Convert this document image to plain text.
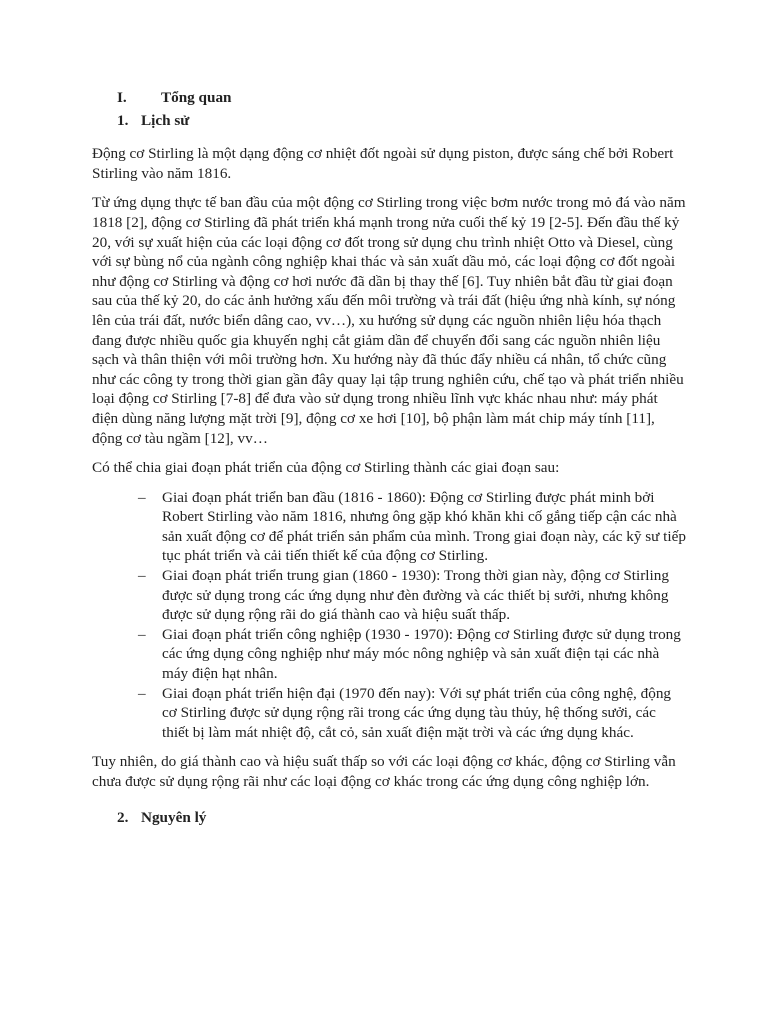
I.	Tổng quan
1. Lịch sử

Động cơ Stirling là một dạng động cơ nhiệt đốt ngoài sử dụng piston, được sáng chế bởi Robert Stirling vào năm 1816.

Từ ứng dụng thực tế ban đầu của một động cơ Stirling trong việc bơm nước trong mỏ đá vào năm 1818 [2], động cơ Stirling đã phát triển khá mạnh trong nửa cuối thế kỷ 19 [2-5]. Đến đầu thế kỷ 20, với sự xuất hiện của các loại động cơ đốt trong sử dụng chu trình nhiệt Otto và Diesel, cùng với sự bùng nổ của ngành công nghiệp khai thác và sản xuất dầu mỏ, các loại động cơ đốt ngoài như động cơ Stirling và động cơ hơi nước đã dần bị thay thế [6]. Tuy nhiên bắt đầu từ giai đoạn sau của thế kỷ 20, do các ảnh hưởng xấu đến môi trường và trái đất (hiệu ứng nhà kính, sự nóng lên của trái đất, nước biển dâng cao, vv…), xu hướng sử dụng các nguồn nhiên liệu hóa thạch đang được nhiều quốc gia khuyến nghị cắt giảm dần để chuyển đổi sang các nguồn nhiên liệu sạch và thân thiện với môi trường hơn. Xu hướng này đã thúc đẩy nhiều cá nhân, tổ chức cũng như các công ty trong thời gian gần đây quay lại tập trung nghiên cứu, chế tạo và phát triển nhiều loại động cơ Stirling [7-8] để đưa vào sử dụng trong nhiều lĩnh vực khác nhau như: máy phát điện dùng năng lượng mặt trời [9], động cơ xe hơi [10], bộ phận làm mát chip máy tính [11], động cơ tàu ngầm [12], vv…

Có thể chia giai đoạn phát triển của động cơ Stirling thành các giai đoạn sau:

– Giai đoạn phát triển ban đầu (1816 - 1860): Động cơ Stirling được phát minh bởi Robert Stirling vào năm 1816, nhưng ông gặp khó khăn khi cố gắng tiếp cận các nhà sản xuất động cơ để phát triển sản phẩm của mình. Trong giai đoạn này, các kỹ sư tiếp tục phát triển và cải tiến thiết kế của động cơ Stirling.
– Giai đoạn phát triển trung gian (1860 - 1930): Trong thời gian này, động cơ Stirling được sử dụng trong các ứng dụng như đèn đường và các thiết bị sưởi, nhưng không được sử dụng rộng rãi do giá thành cao và hiệu suất thấp.
– Giai đoạn phát triển công nghiệp (1930 - 1970): Động cơ Stirling được sử dụng trong các ứng dụng công nghiệp như máy móc nông nghiệp và sản xuất điện tại các nhà máy điện hạt nhân.
– Giai đoạn phát triển hiện đại (1970 đến nay): Với sự phát triển của công nghệ, động cơ Stirling được sử dụng rộng rãi trong các ứng dụng tàu thủy, hệ thống sưởi, các thiết bị làm mát nhiệt độ, cắt cỏ, sản xuất điện mặt trời và các ứng dụng khác.

Tuy nhiên, do giá thành cao và hiệu suất thấp so với các loại động cơ khác, động cơ Stirling vẫn chưa được sử dụng rộng rãi như các loại động cơ khác trong các ứng dụng công nghiệp lớn.

2. Nguyên lý
